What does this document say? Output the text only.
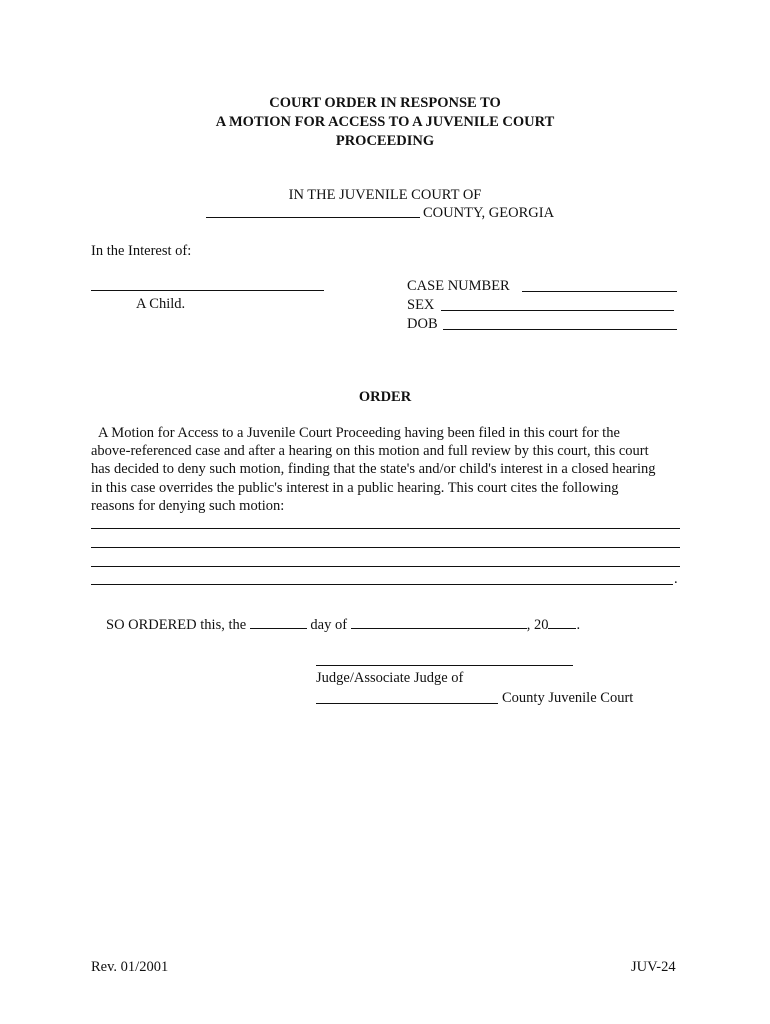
COURT ORDER IN RESPONSE TO
A MOTION FOR ACCESS TO A JUVENILE COURT
PROCEEDING
IN THE JUVENILE COURT OF
COUNTY, GEORGIA
In the Interest of:
A Child.
CASE NUMBER
SEX
DOB
ORDER
A Motion for Access to a Juvenile Court Proceeding having been filed in this court for the
above-referenced case and after a hearing on this motion and full review by this court, this court
has decided to deny such motion, finding that the state's and/or child's interest in a closed hearing
in this case overrides the public's interest in a public hearing. This court cites the following
reasons for denying such motion:
.
SO ORDERED this, the	day of	, 20 .
Judge/Associate Judge of
County Juvenile Court
Rev. 01/2001	JUV-24
